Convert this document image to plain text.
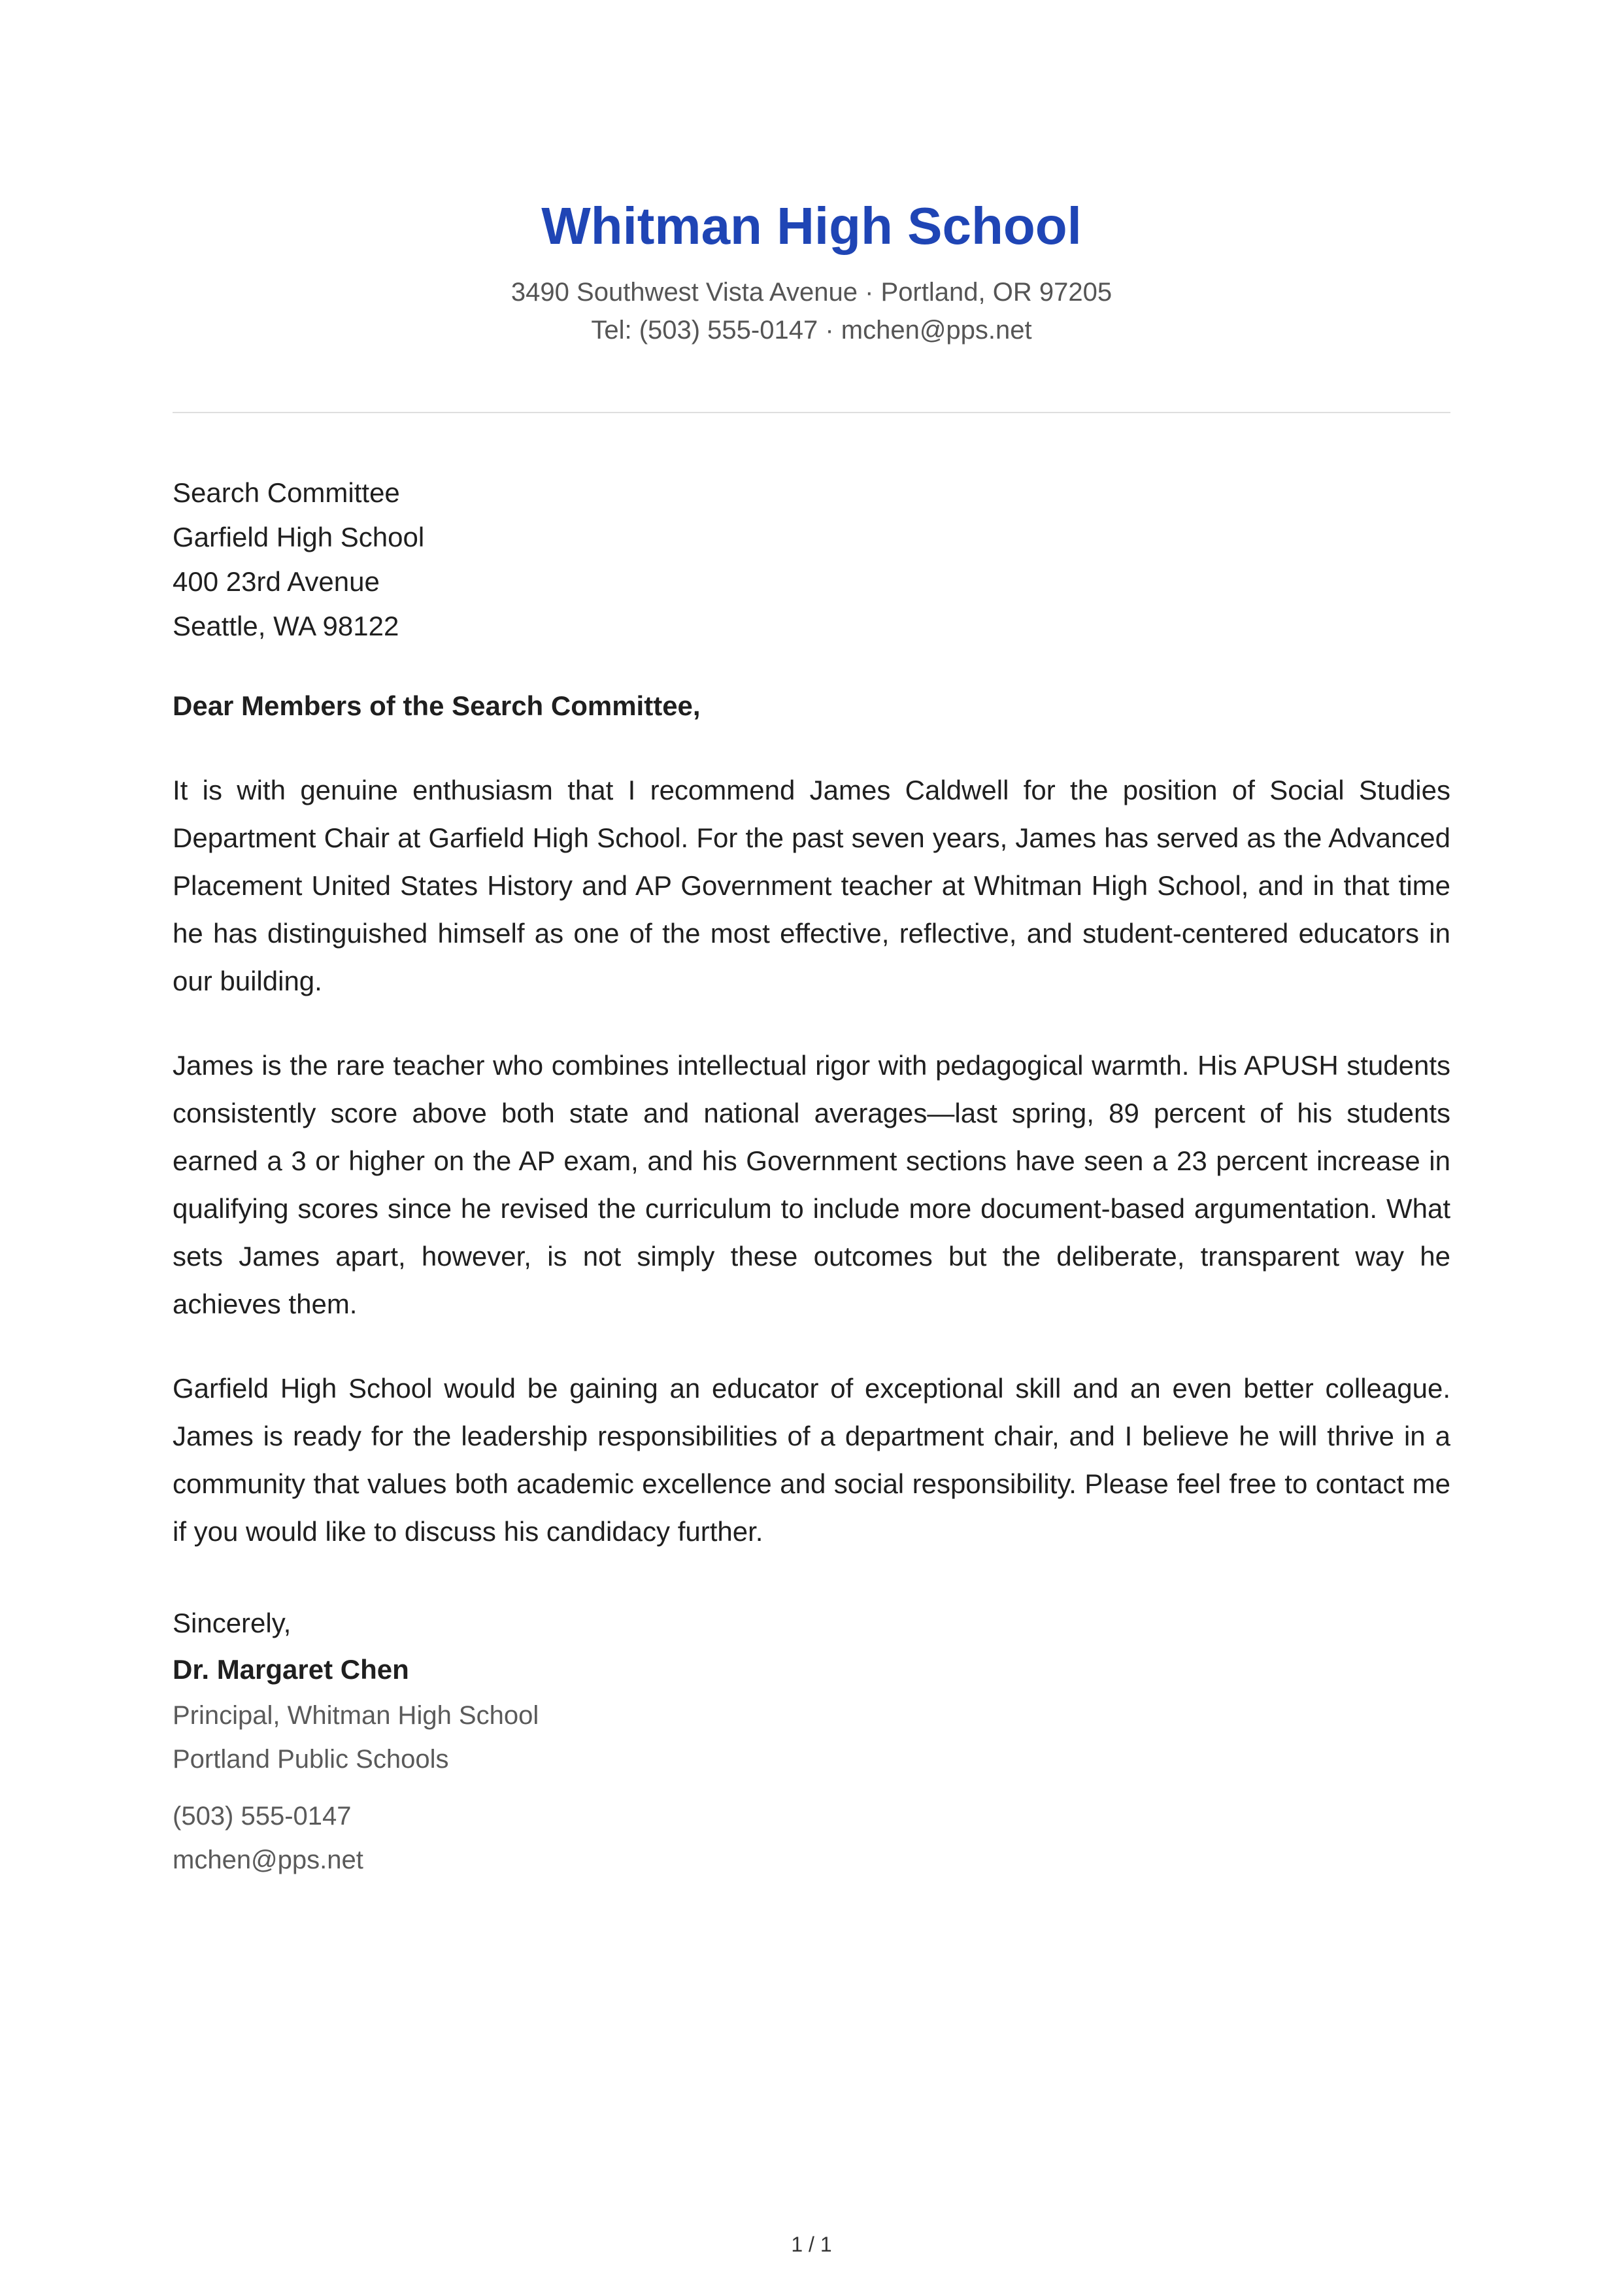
Whitman High School
3490 Southwest Vista Avenue · Portland, OR 97205
Tel: (503) 555-0147 · mchen@pps.net
Search Committee
Garfield High School
400 23rd Avenue
Seattle, WA 98122
Dear Members of the Search Committee,

It is with genuine enthusiasm that I recommend James Caldwell for the position of Social Studies Department Chair at Garfield High School. For the past seven years, James has served as the Advanced Placement United States History and AP Government teacher at Whitman High School, and in that time he has distinguished himself as one of the most effective, reflective, and student-centered educators in our building.

James is the rare teacher who combines intellectual rigor with pedagogical warmth. His APUSH students consistently score above both state and national averages—last spring, 89 percent of his students earned a 3 or higher on the AP exam, and his Government sections have seen a 23 percent increase in qualifying scores since he revised the curriculum to include more document-based argumentation. What sets James apart, however, is not simply these outcomes but the deliberate, transparent way he achieves them.

Garfield High School would be gaining an educator of exceptional skill and an even better colleague. James is ready for the leadership responsibilities of a department chair, and I believe he will thrive in a community that values both academic excellence and social responsibility. Please feel free to contact me if you would like to discuss his candidacy further.

Sincerely,
Dr. Margaret Chen
Principal, Whitman High School
Portland Public Schools
(503) 555-0147
mchen@pps.net
1 / 1
